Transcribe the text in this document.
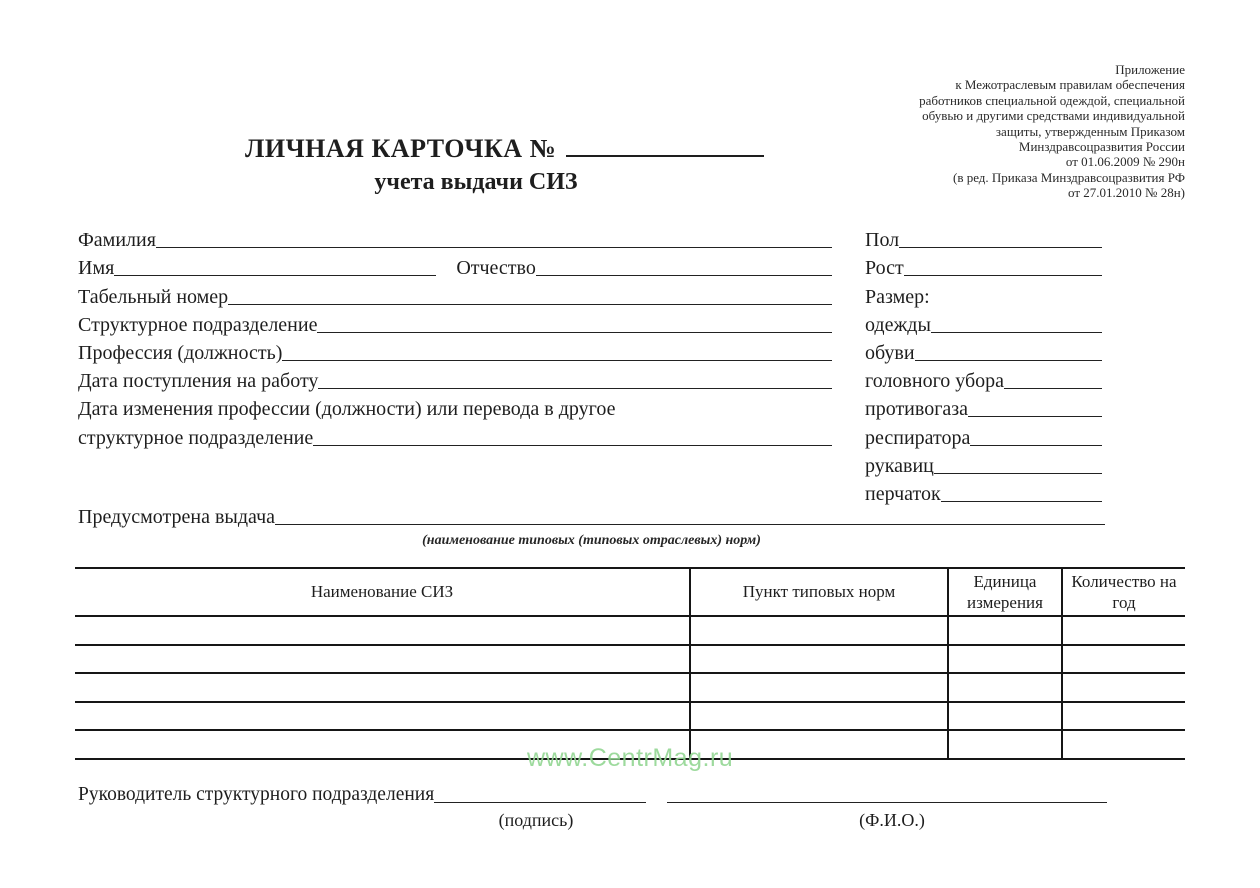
Приложение
к Межотраслевым правилам обеспечения
работников специальной одеждой, специальной
обувью и другими средствами индивидуальной
защиты, утвержденным Приказом
Минздравсоцразвития России
от 01.06.2009 № 290н
(в ред. Приказа Минздравсоцразвития РФ
от 27.01.2010 № 28н)
ЛИЧНАЯ КАРТОЧКА №
учета выдачи СИЗ
Фамилия
Имя	Отчество
Табельный номер
Структурное подразделение
Профессия (должность)
Дата поступления на работу
Дата изменения профессии (должности) или перевода в другое
структурное подразделение
Пол
Рост
Размер:
одежды
обуви
головного убора
противогаза
респиратора
рукавиц
перчаток
Предусмотрена выдача
(наименование типовых (типовых отраслевых) норм)
Наименование СИЗ	Пункт типовых норм	Единица измерения	Количество на год

www.CentrMag.ru
Руководитель структурного подразделения
(подпись)	(Ф.И.О.)
